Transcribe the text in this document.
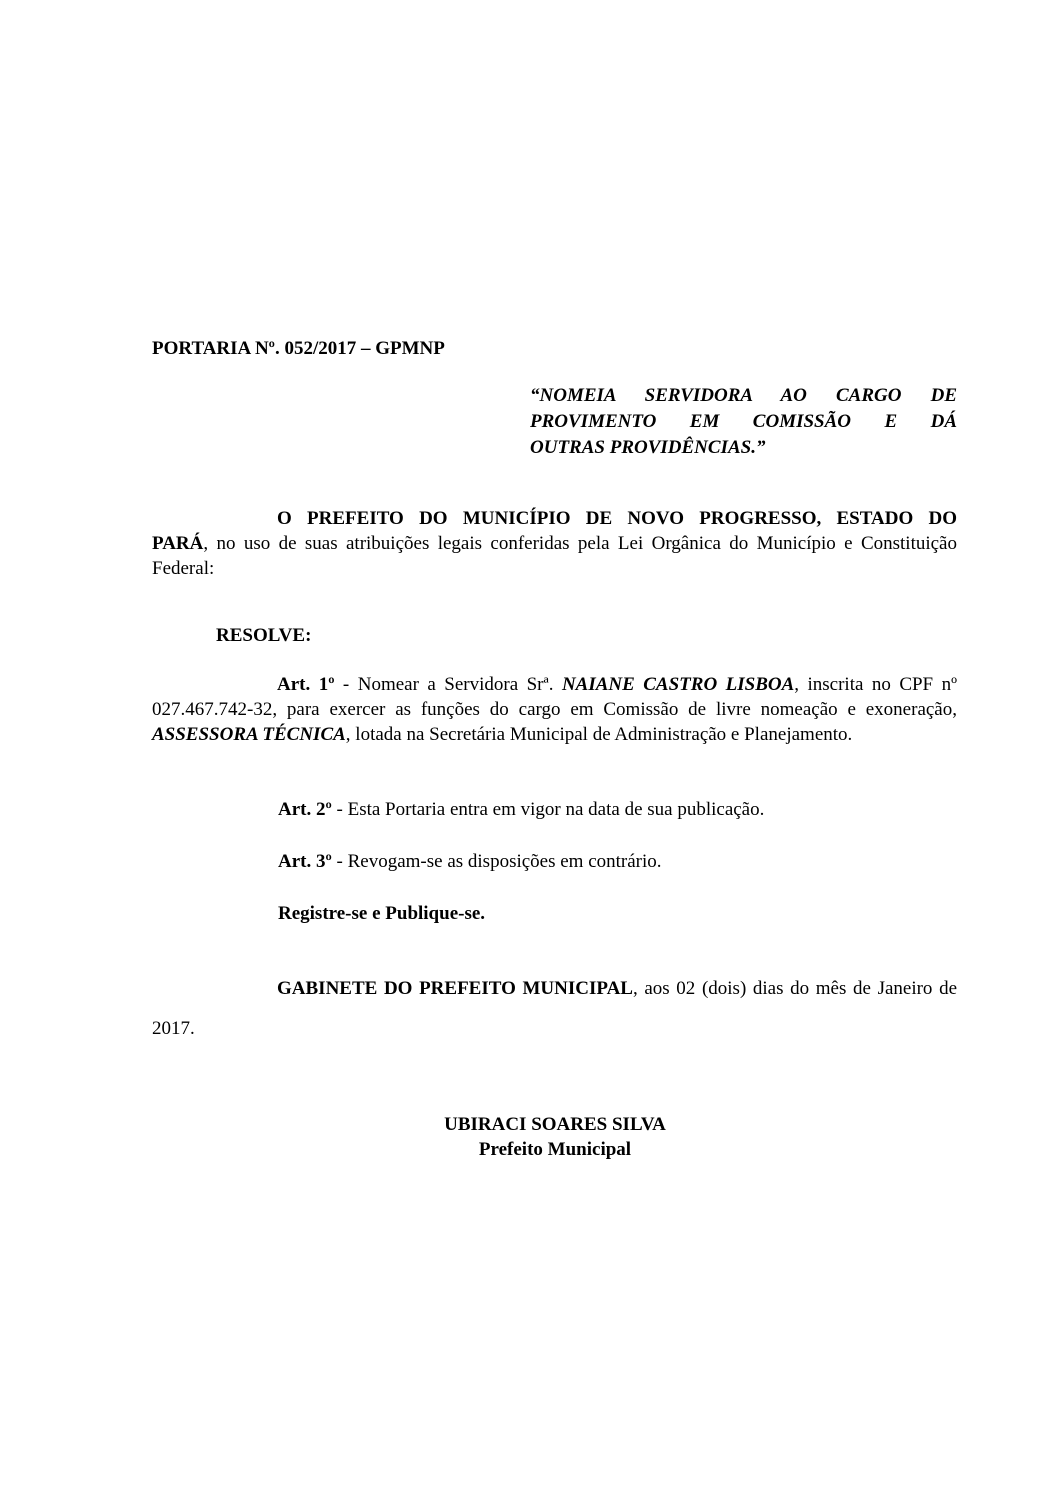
PORTARIA Nº. 052/2017 – GPMNP
“NOMEIA SERVIDORA AO CARGO DE
PROVIMENTO EM COMISSÃO E DÁ
OUTRAS PROVIDÊNCIAS.”
O PREFEITO DO MUNICÍPIO DE NOVO PROGRESSO, ESTADO DO
PARÁ, no uso de suas atribuições legais conferidas pela Lei Orgânica do Município e Constituição Federal:
RESOLVE:
Art. 1º - Nomear a Servidora Srª. NAIANE CASTRO LISBOA, inscrita no CPF nº 027.467.742-32, para exercer as funções do cargo em Comissão de livre nomeação e exoneração, ASSESSORA TÉCNICA, lotada na Secretária Municipal de Administração e Planejamento.
Art. 2º - Esta Portaria entra em vigor na data de sua publicação.
Art. 3º - Revogam-se as disposições em contrário.
Registre-se e Publique-se.
GABINETE DO PREFEITO MUNICIPAL, aos 02 (dois) dias do mês de Janeiro de 2017.
UBIRACI SOARES SILVA
Prefeito Municipal
